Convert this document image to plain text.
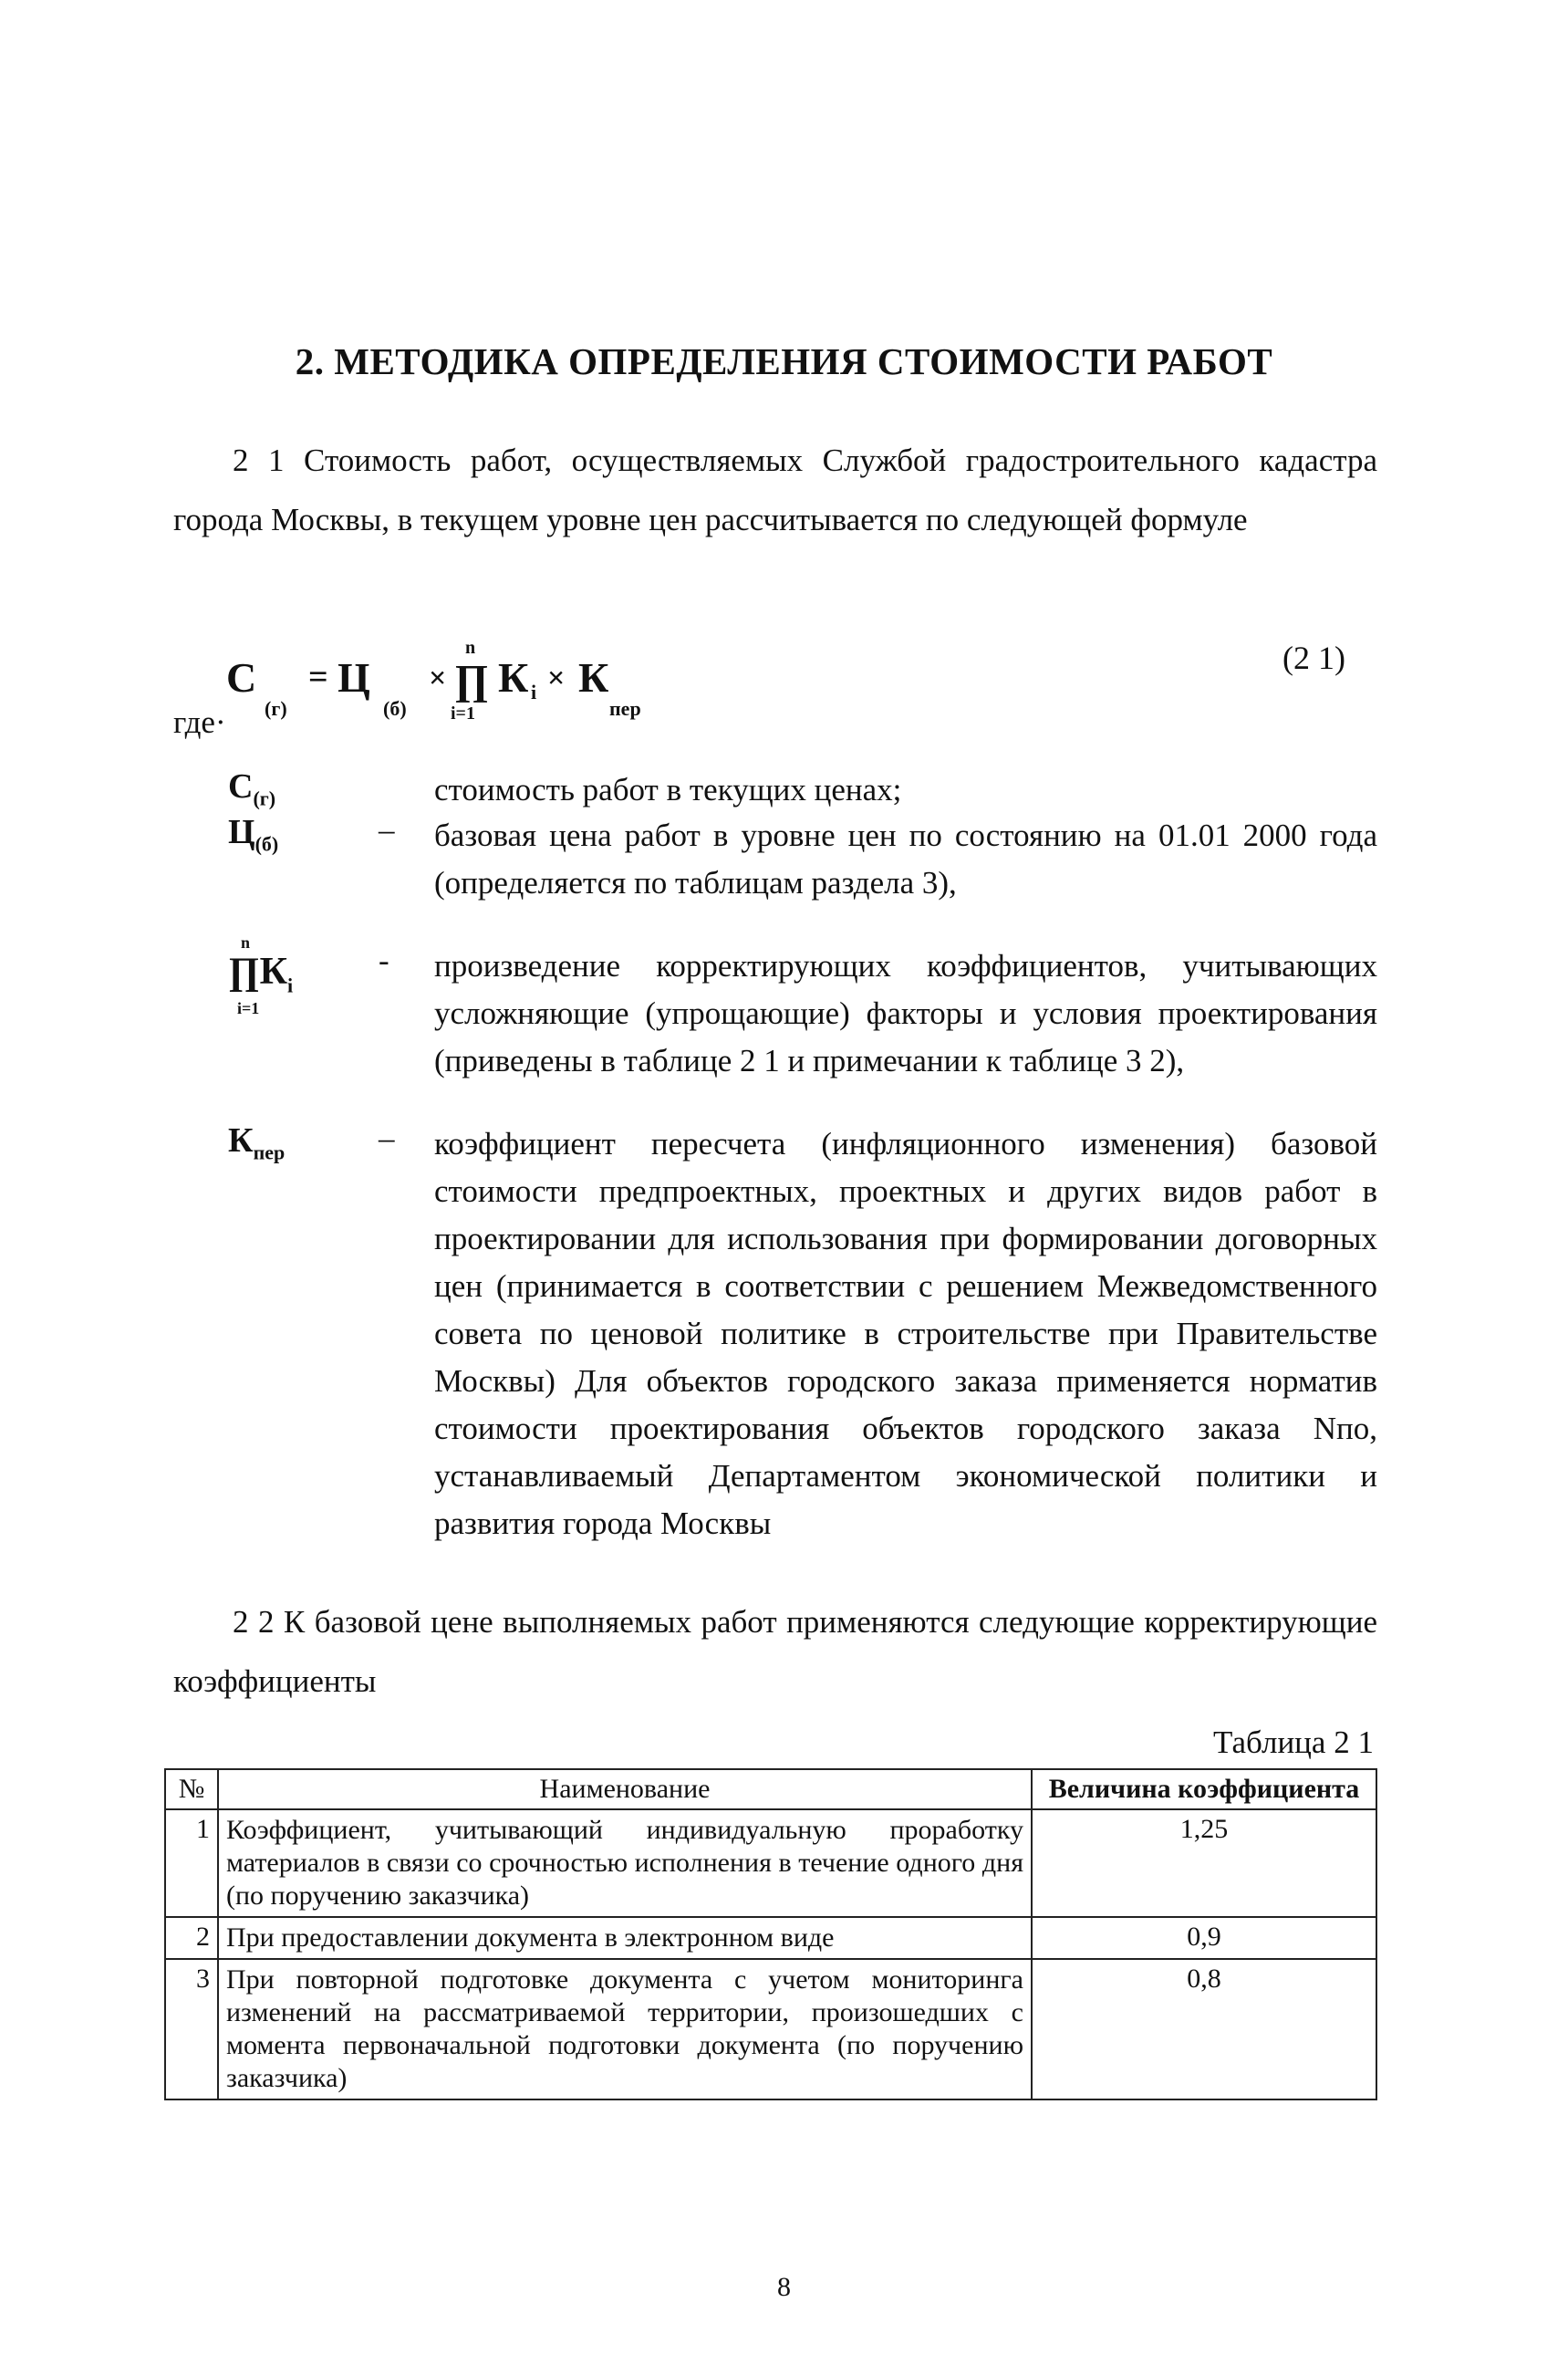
2. МЕТОДИКА ОПРЕДЕЛЕНИЯ СТОИМОСТИ РАБОТ
2 1 Стоимость работ, осуществляемых Службой градостроительного кадастра города Москвы, в текущем уровне цен рассчитывается по следующей формуле
С
(г)
= Ц
(б)
×
n
∏
i=1
К i × К
пер
(2 1)
где·
$С_{(г)}$	стоимость работ в текущих ценах;
$Ц_{(б)}$	–	базовая цена работ в уровне цен по состоянию на 01.01 2000 года (определяется по таблицам раздела 3),
n
$\prod К_i$
i=1
-	произведение корректирующих коэффициентов, учитывающих усложняющие (упрощающие) факторы и условия проектирования (приведены в таблице 2 1 и примечании к таблице 3 2),
$К_{пер}$	–	коэффициент пересчета (инфляционного изменения) базовой стоимости предпроектных, проектных и других видов работ в проектировании для использования при формировании договорных цен (принимается в соответствии с решением Межведомственного совета по ценовой политике в строительстве при Правительстве Москвы) Для объектов городского заказа применяется норматив стоимости проектирования объектов городского заказа Nпо, устанавливаемый Департаментом экономической политики и развития города Москвы
2 2 К базовой цене выполняемых работ применяются следующие корректирующие коэффициенты
Таблица 2 1
№	Наименование	Величина коэффициента
1	Коэффициент, учитывающий индивидуальную проработку материалов в связи со срочностью исполнения в течение одного дня (по поручению заказчика)	1,25
2	При предоставлении документа в электронном виде	0,9
3	При повторной подготовке документа с учетом мониторинга изменений на рассматриваемой территории, произошедших с момента первоначальной подготовки документа (по поручению заказчика)	0,8
8
